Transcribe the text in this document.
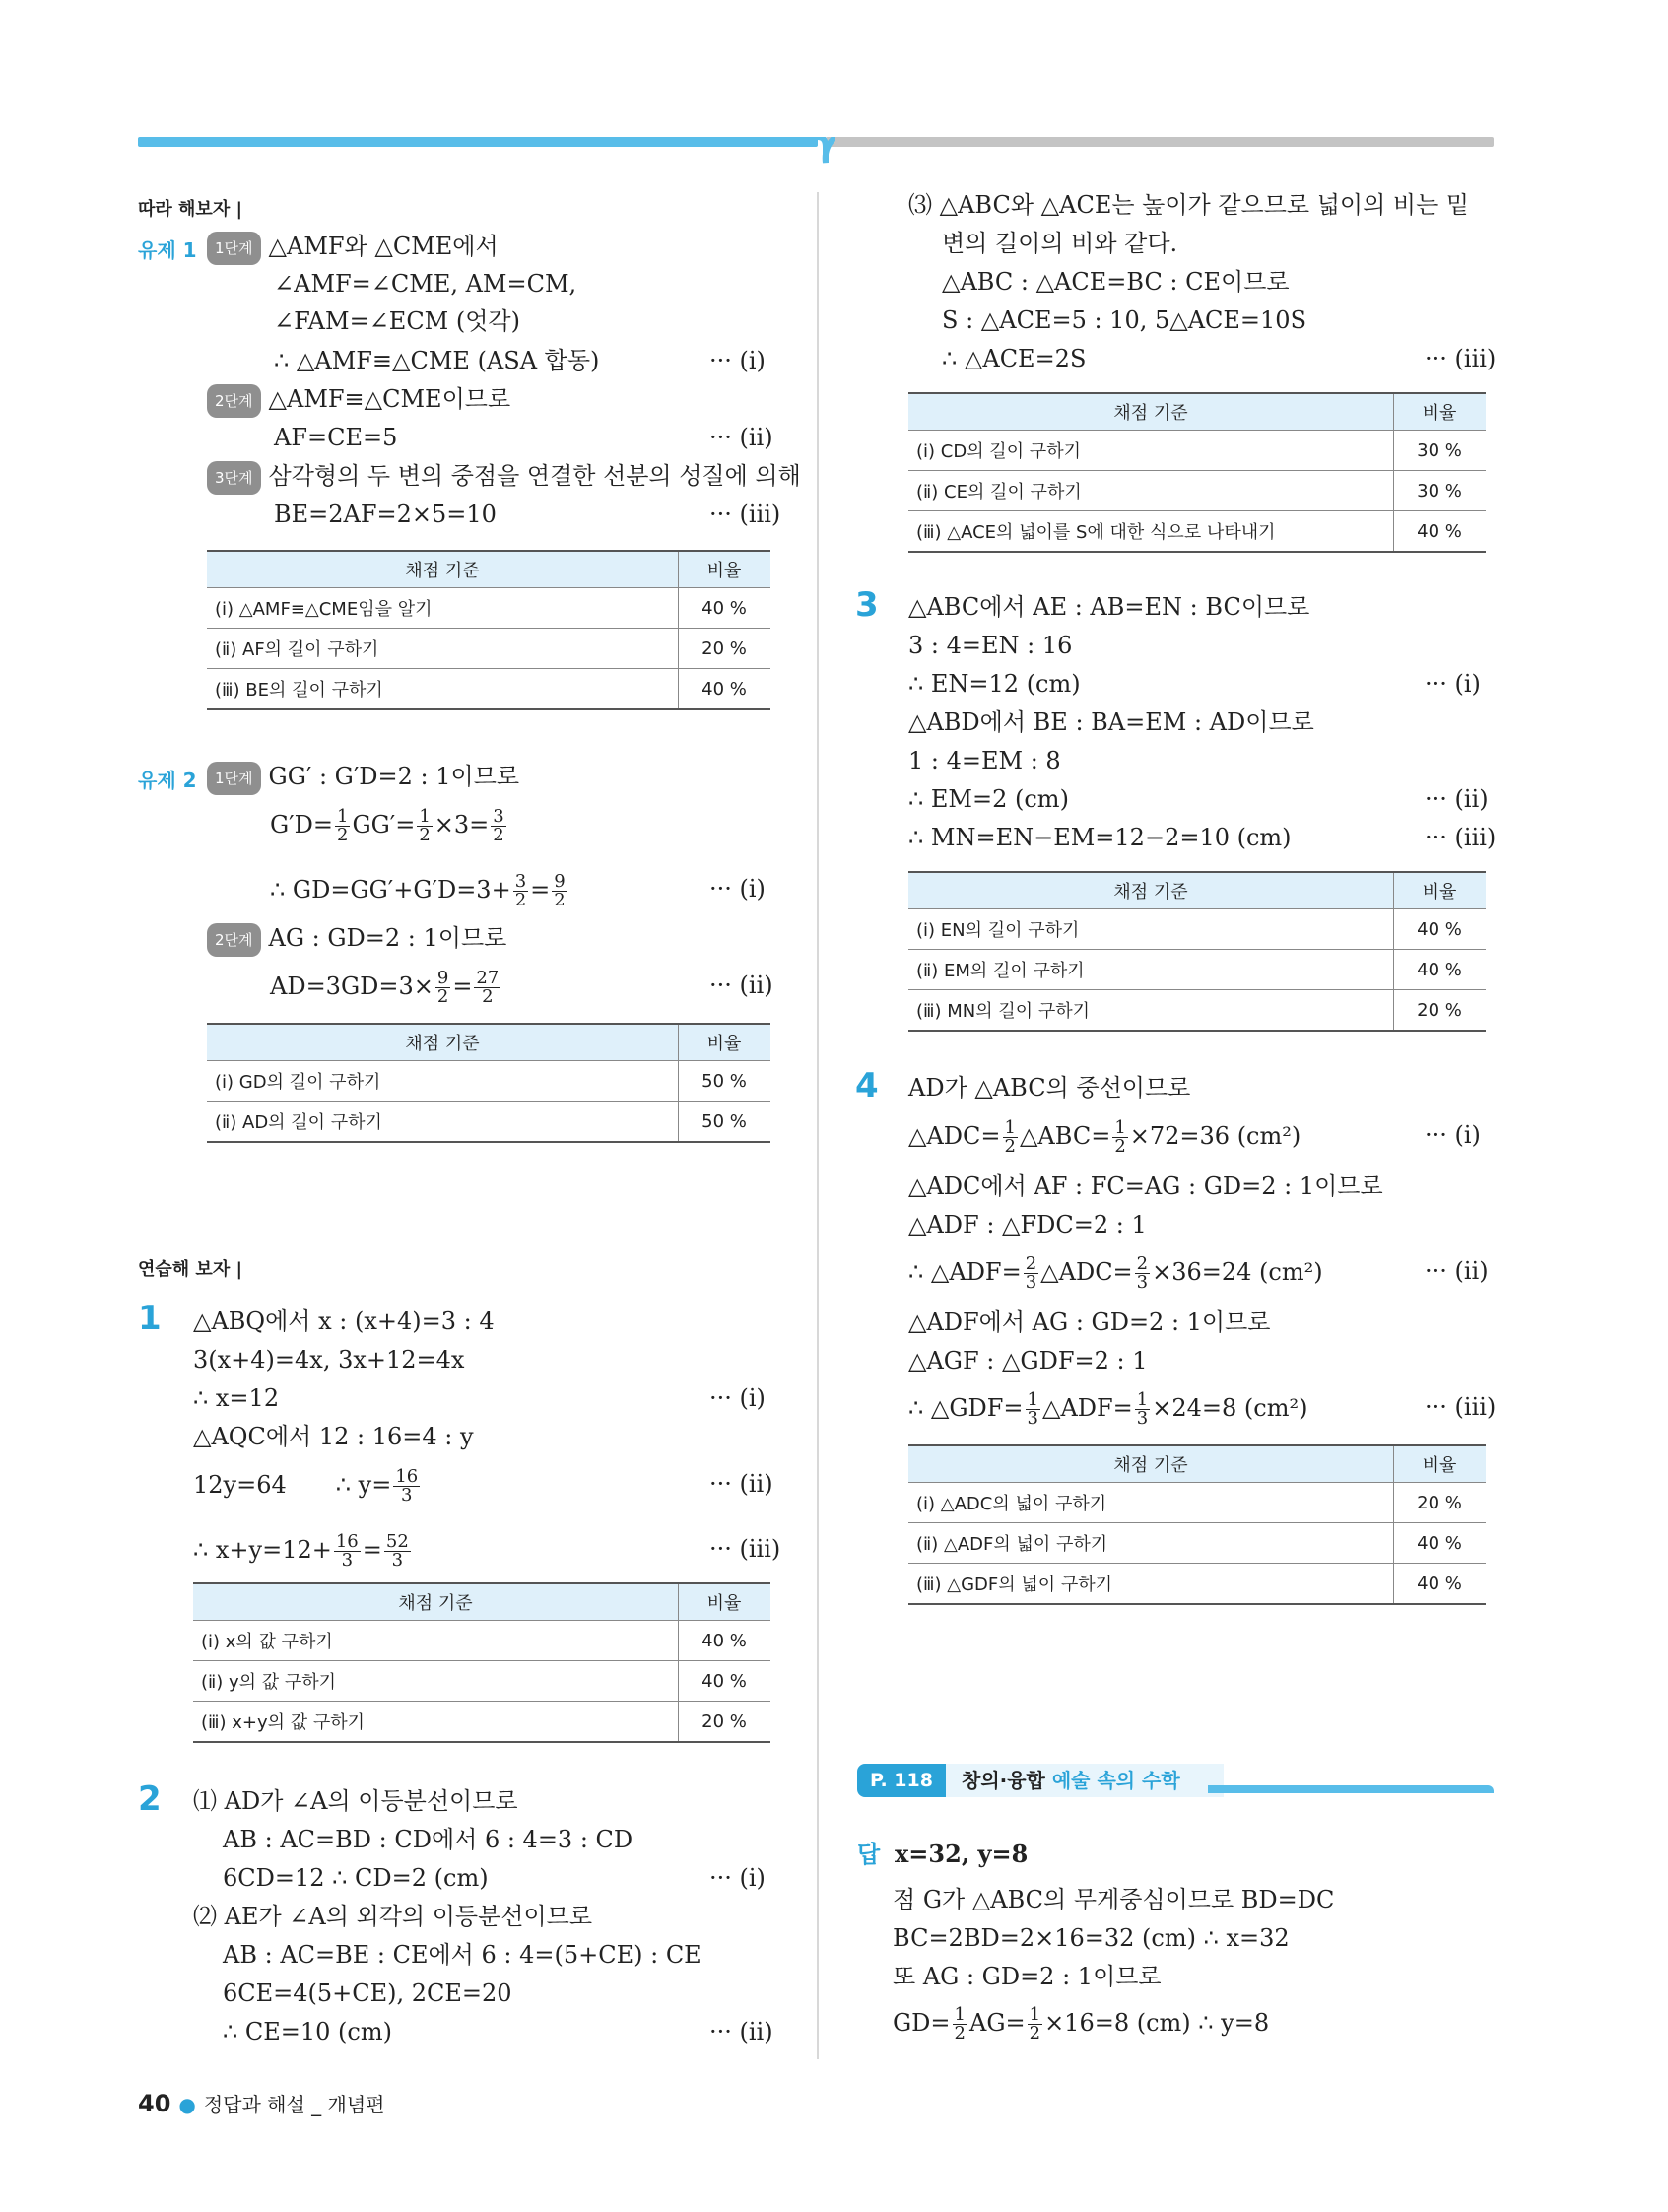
따라 해보자 |
유제 1	1단계 △AMF와 △CME에서
∠AMF=∠CME, AM=CM,
∠FAM=∠ECM (엇각)
∴ △AMF≡△CME (ASA 합동)	··· (ⅰ)
2단계 △AMF≡△CME이므로
AF=CE=5	··· (ⅱ)
3단계 삼각형의 두 변의 중점을 연결한 선분의 성질에 의해
BE=2AF=2×5=10	··· (ⅲ)
채점 기준	비율
(ⅰ) △AMF≡△CME임을 알기	40 %
(ⅱ) AF의 길이 구하기	20 %
(ⅲ) BE의 길이 구하기	40 %
유제 2	1단계 GG′ : G′D=2 : 1이므로
$G'D= \frac{1}{2} GG'= \frac{1}{2} \times 3= \frac{3}{2}$
∴ $GD=GG'+G'D=3+ \frac{3}{2} = \frac{9}{2}$	··· (ⅰ)
2단계 AG : GD=2 : 1이므로
$AD=3GD=3\times \frac{9}{2} = \frac{27}{2}$	··· (ⅱ)
채점 기준	비율
(ⅰ) GD의 길이 구하기	50 %
(ⅱ) AD의 길이 구하기	50 %
연습해 보자 |
1 △ABQ에서 x : (x+4)=3 : 4
3(x+4)=4x, 3x+12=4x
∴ x=12	··· (ⅰ)
△AQC에서 12 : 16=4 : y
12y=64 ∴ $y= \frac{16}{3}$	··· (ⅱ)
∴ $x+y=12+ \frac{16}{3} = \frac{52}{3}$	··· (ⅲ)
채점 기준	비율
(ⅰ) x의 값 구하기	40 %
(ⅱ) y의 값 구하기	40 %
(ⅲ) x+y의 값 구하기	20 %
2 ⑴ AD가 ∠A의 이등분선이므로
AB : AC=BD : CD에서 6 : 4=3 : CD
6CD=12 ∴ CD=2 (cm)	··· (ⅰ)
⑵ AE가 ∠A의 외각의 이등분선이므로
AB : AC=BE : CE에서 6 : 4=(5+CE) : CE
6CE=4(5+CE), 2CE=20
∴ CE=10 (cm)	··· (ⅱ)
⑶ △ABC와 △ACE는 높이가 같으므로 넓이의 비는 밑
변의 길이의 비와 같다.
△ABC : △ACE=BC : CE이므로
S : △ACE=5 : 10, 5△ACE=10S
∴ △ACE=2S	··· (ⅲ)
채점 기준	비율
(ⅰ) CD의 길이 구하기	30 %
(ⅱ) CE의 길이 구하기	30 %
(ⅲ) △ACE의 넓이를 S에 대한 식으로 나타내기	40 %
3 △ABC에서 AE : AB=EN : BC이므로
3 : 4=EN : 16
∴ EN=12 (cm)	··· (ⅰ)
△ABD에서 BE : BA=EM : AD이므로
1 : 4=EM : 8
∴ EM=2 (cm)	··· (ⅱ)
∴ MN=EN−EM=12−2=10 (cm)	··· (ⅲ)
채점 기준	비율
(ⅰ) EN의 길이 구하기	40 %
(ⅱ) EM의 길이 구하기	40 %
(ⅲ) MN의 길이 구하기	20 %
4 AD가 △ABC의 중선이므로
△ADC= $\frac{1}{2}$ △ABC= $\frac{1}{2} \times 72=36$ (cm²)	··· (ⅰ)
△ADC에서 AF : FC=AG : GD=2 : 1이므로
△ADF : △FDC=2 : 1
∴ △ADF= $\frac{2}{3}$ △ADC= $\frac{2}{3} \times 36=24$ (cm²)	··· (ⅱ)
△ADF에서 AG : GD=2 : 1이므로
△AGF : △GDF=2 : 1
∴ △GDF= $\frac{1}{3}$ △ADF= $\frac{1}{3} \times 24=8$ (cm²)	··· (ⅲ)
채점 기준	비율
(ⅰ) △ADC의 넓이 구하기	20 %
(ⅱ) △ADF의 넓이 구하기	40 %
(ⅲ) △GDF의 넓이 구하기	40 %
P. 118	창의·융합 예술 속의 수학
답 x=32, y=8
점 G가 △ABC의 무게중심이므로 BD=DC
BC=2BD=2×16=32 (cm) ∴ x=32
또 AG : GD=2 : 1이므로
$GD= \frac{1}{2} AG= \frac{1}{2} \times 16=8$ (cm) ∴ y=8
40 ● 정답과 해설 _ 개념편
